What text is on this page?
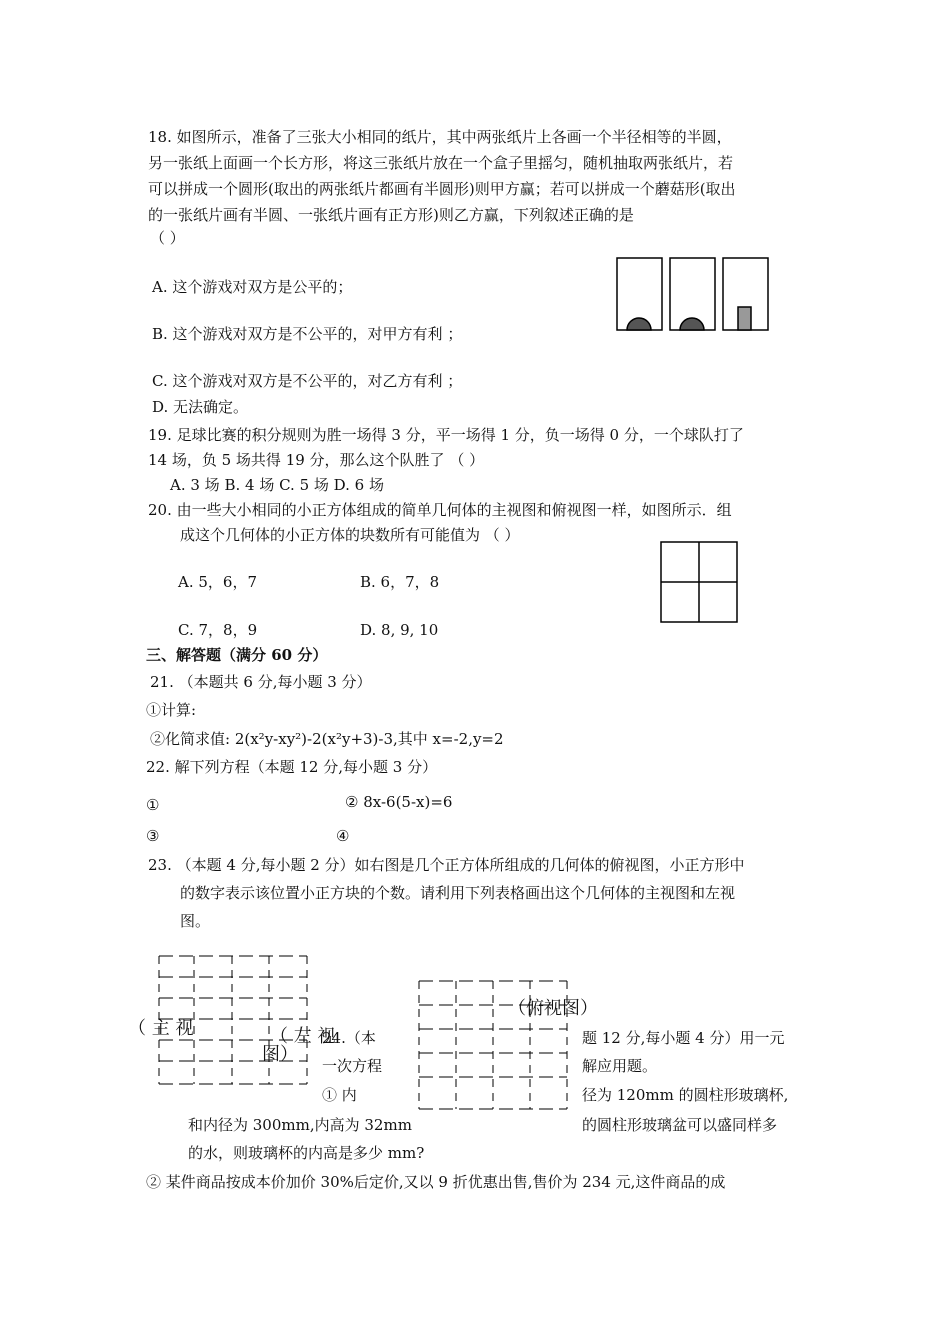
18. 如图所示，准备了三张大小相同的纸片，其中两张纸片上各画一个半径相等的半圆，
另一张纸上面画一个长方形，将这三张纸片放在一个盒子里摇匀，随机抽取两张纸片，若
可以拼成一个圆形(取出的两张纸片都画有半圆形)则甲方赢；若可以拼成一个蘑菇形(取出
的一张纸片画有半圆、一张纸片画有正方形)则乙方赢，下列叙述正确的是
（ ）
A. 这个游戏对双方是公平的；
B. 这个游戏对双方是不公平的，对甲方有利 ；
C. 这个游戏对双方是不公平的，对乙方有利 ；
D. 无法确定。
19. 足球比赛的积分规则为胜一场得 3 分，平一场得 1 分，负一场得 0 分，一个球队打了
14 场，负 5 场共得 19 分，那么这个队胜了 （ ）
A. 3 场 B. 4 场 C. 5 场 D. 6 场
20. 由一些大小相同的小正方体组成的简单几何体的主视图和俯视图一样，如图所示．组
成这个几何体的小正方体的块数所有可能值为 （ ）
A. 5，6，7	B. 6，7，8
C. 7，8，9	D. 8, 9, 10
三、解答题（满分 60 分）
21. （本题共 6 分,每小题 3 分）
①计算:
②化简求值: 2(x²y-xy²)-2(x²y+3)-3,其中 x=-2,y=2
22. 解下列方程（本题 12 分,每小题 3 分）
①	② 8x-6(5-x)=6
③	④
23. （本题 4 分,每小题 2 分）如右图是几个正方体所组成的几何体的俯视图，小正方形中
的数字表示该位置小正方块的个数。请利用下列表格画出这个几何体的主视图和左视
图。
（俯视图）
（ 主 视
图）
（ 左 视
24.（本	题 12 分,每小题 4 分）用一元
一次方程	解应用题。
① 内	径为 120mm 的圆柱形玻璃杯,
和内径为 300mm,内高为 32mm	的圆柱形玻璃盆可以盛同样多
的水，则玻璃杯的内高是多少 mm?
② 某件商品按成本价加价 30%后定价,又以 9 折优惠出售,售价为 234 元,这件商品的成
